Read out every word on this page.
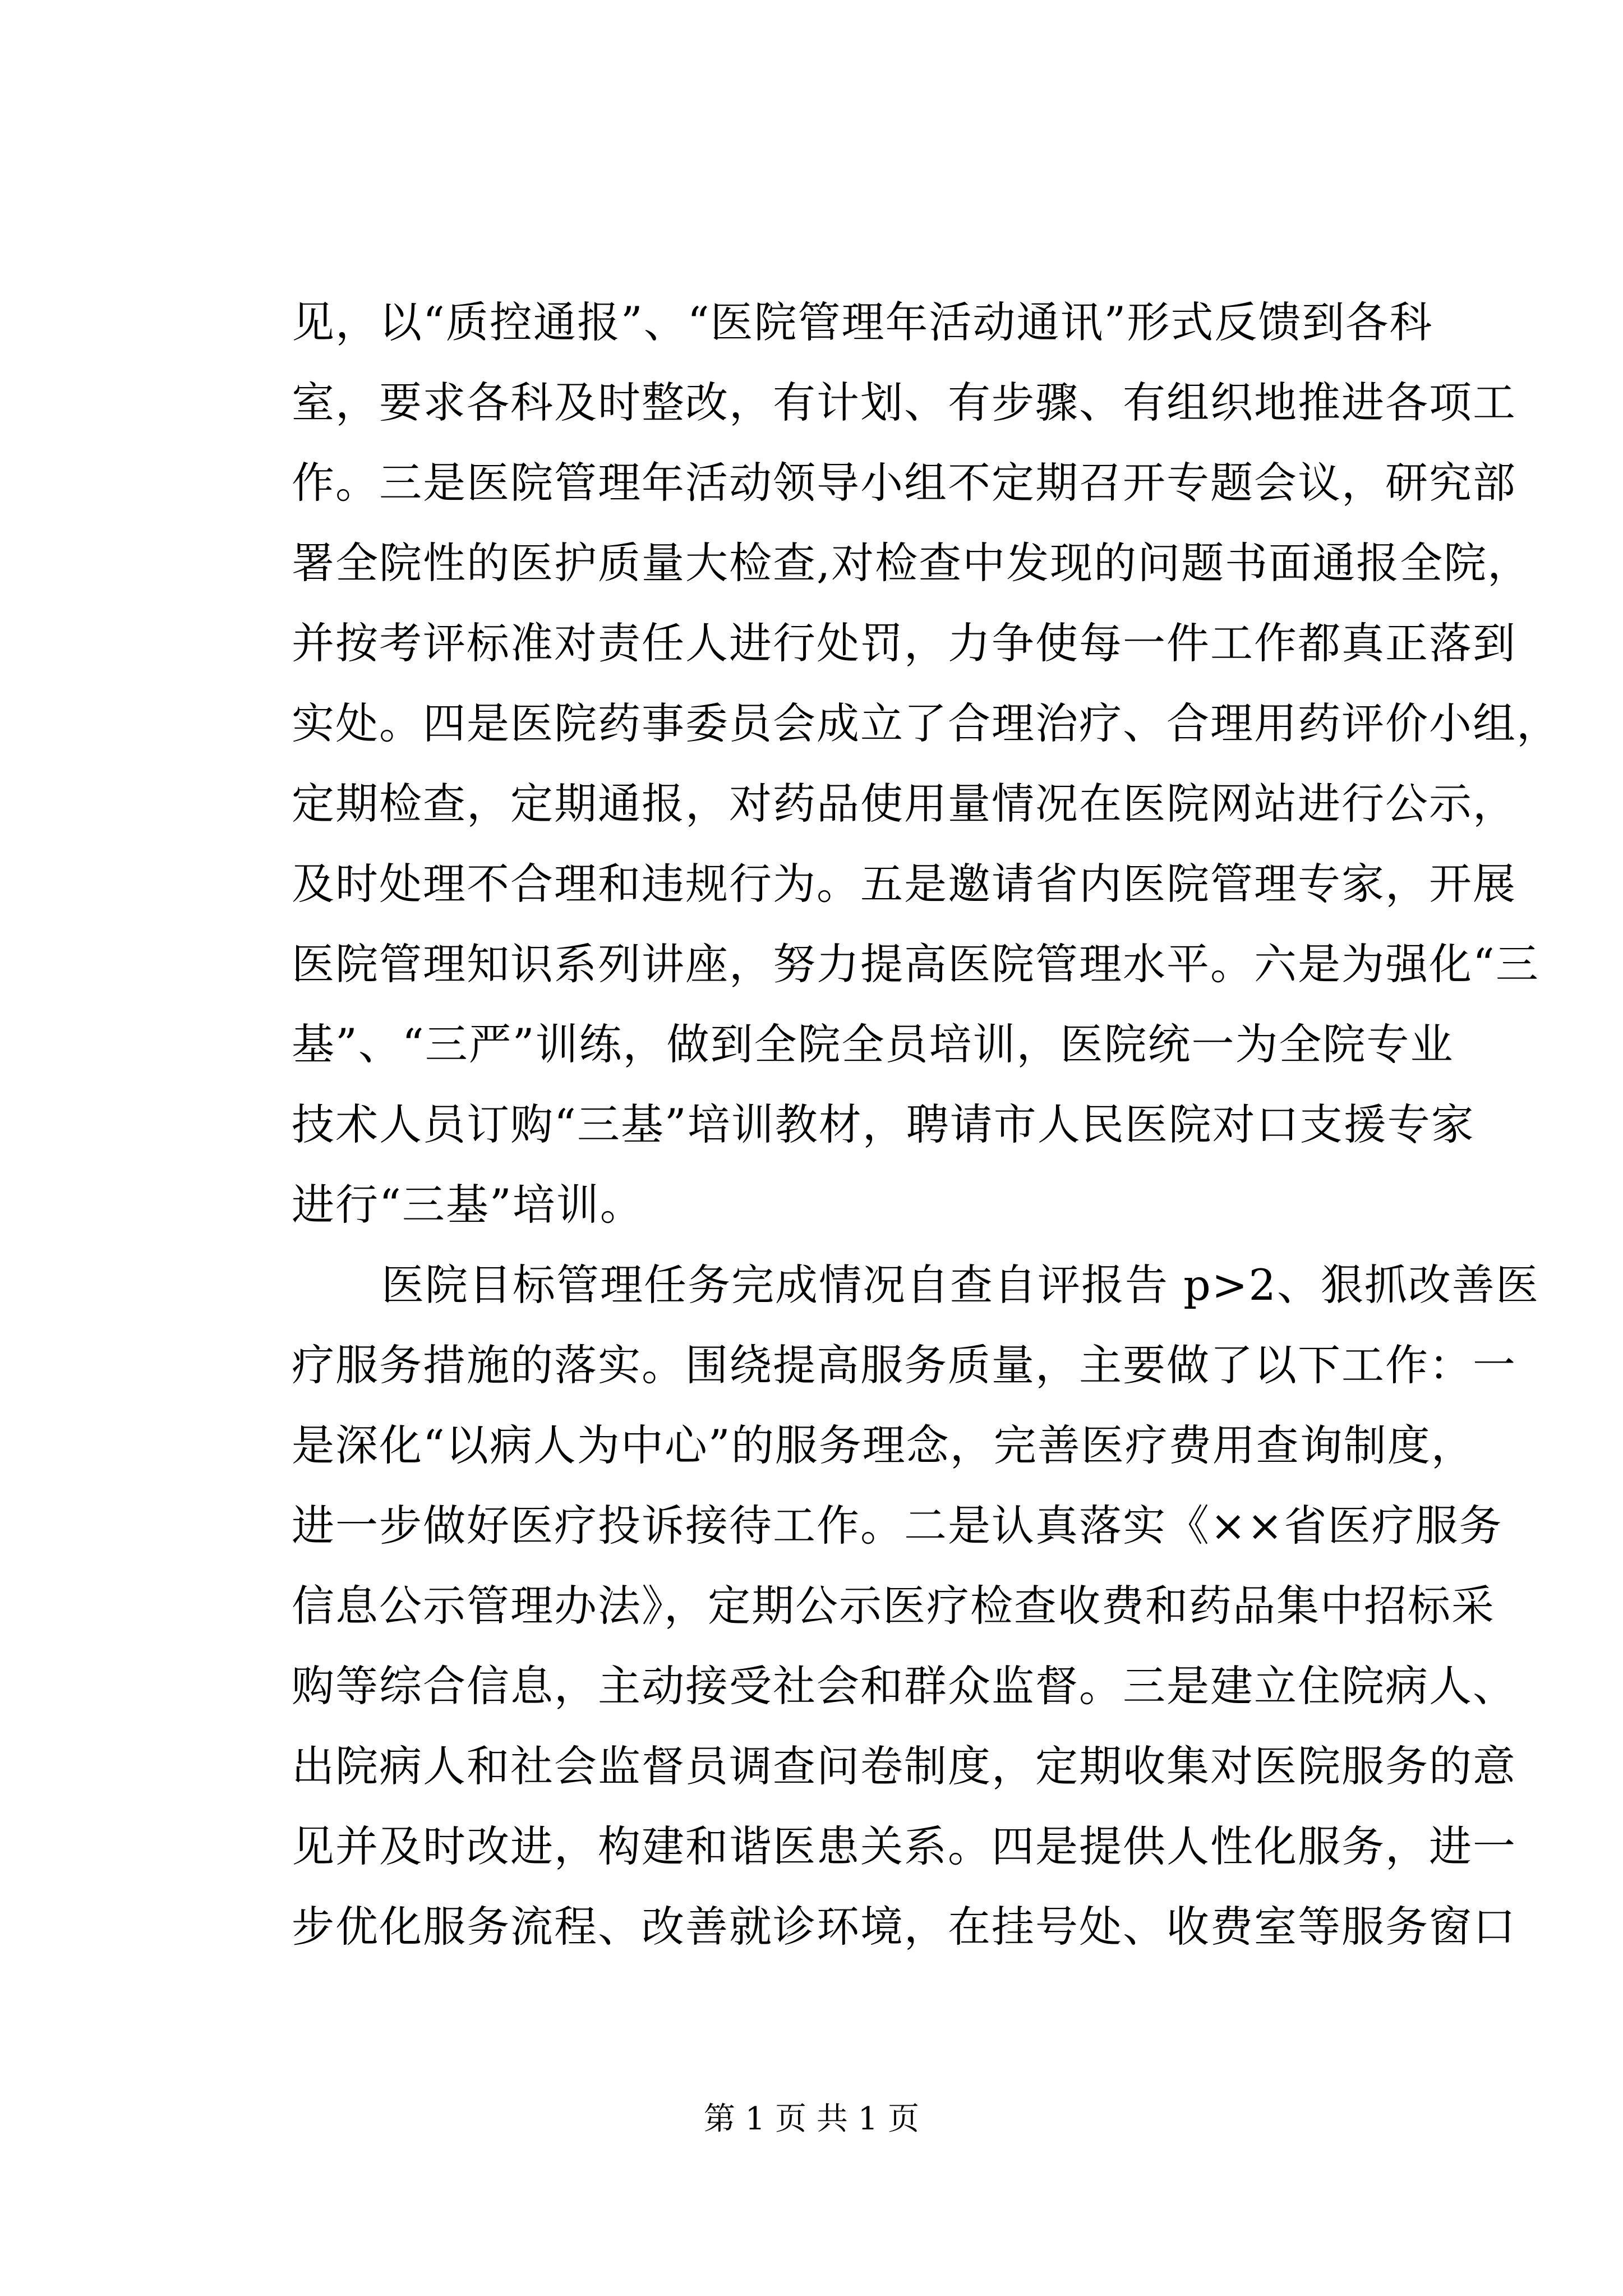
见，以“质控通报”、“医院管理年活动通讯”形式反馈到各科
室，要求各科及时整改，有计划、有步骤、有组织地推进各项工
作。三是医院管理年活动领导小组不定期召开专题会议，研究部
署全院性的医护质量大检查,对检查中发现的问题书面通报全院，
并按考评标准对责任人进行处罚，力争使每一件工作都真正落到
实处。四是医院药事委员会成立了合理治疗、合理用药评价小组，
定期检查，定期通报，对药品使用量情况在医院网站进行公示，
及时处理不合理和违规行为。五是邀请省内医院管理专家，开展
医院管理知识系列讲座，努力提高医院管理水平。六是为强化“三
基”、“三严”训练，做到全院全员培训，医院统一为全院专业
技术人员订购“三基”培训教材，聘请市人民医院对口支援专家
进行“三基”培训。
医院目标管理任务完成情况自查自评报告 p>2、狠抓改善医
疗服务措施的落实。围绕提高服务质量，主要做了以下工作：一
是深化“以病人为中心”的服务理念，完善医疗费用查询制度，
进一步做好医疗投诉接待工作。二是认真落实《××省医疗服务
信息公示管理办法》，定期公示医疗检查收费和药品集中招标采
购等综合信息，主动接受社会和群众监督。三是建立住院病人、
出院病人和社会监督员调查问卷制度，定期收集对医院服务的意
见并及时改进，构建和谐医患关系。四是提供人性化服务，进一
步优化服务流程、改善就诊环境，在挂号处、收费室等服务窗口
第 1 页 共 1 页
